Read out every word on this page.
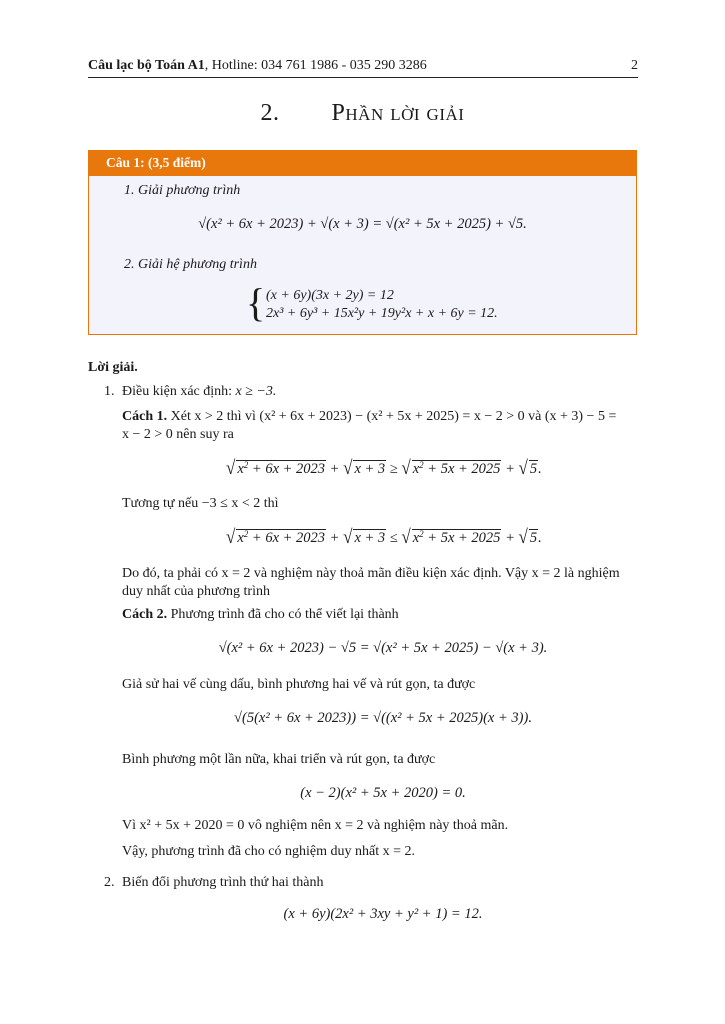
Câu lạc bộ Toán A1, Hotline: 034 761 1986 - 035 290 3286	2
2. Phần lời giải
Câu 1: (3,5 điểm)
1. Giải phương trình
√(x² + 6x + 2023) + √(x + 3) = √(x² + 5x + 2025) + √5.
2. Giải hệ phương trình
{ (x + 6y)(3x + 2y) = 12
2x³ + 6y³ + 15x²y + 19y²x + x + 6y = 12.
Lời giải.
1. Điều kiện xác định: x ≥ −3.
Cách 1. Xét x > 2 thì vì (x² + 6x + 2023) − (x² + 5x + 2025) = x − 2 > 0 và (x + 3) − 5 =
x − 2 > 0 nên suy ra
√ $x^2 + 6x + 2023$ + √ x + 3 ≥ √ $x^2 + 5x + 2025$ + √ 5.
Tương tự nếu −3 ≤ x < 2 thì
√ $x^2 + 6x + 2023$ + √ x + 3 ≤ √ $x^2 + 5x + 2025$ + √ 5.
Do đó, ta phải có x = 2 và nghiệm này thoả mãn điều kiện xác định. Vậy x = 2 là nghiệm
duy nhất của phương trình
Cách 2. Phương trình đã cho có thể viết lại thành
√(x² + 6x + 2023) − √5 = √(x² + 5x + 2025) − √(x + 3).
Giả sử hai vế cùng dấu, bình phương hai vế và rút gọn, ta được
√(5(x² + 6x + 2023)) = √((x² + 5x + 2025)(x + 3)).
Bình phương một lần nữa, khai triển và rút gọn, ta được
(x − 2)(x² + 5x + 2020) = 0.
Vì x² + 5x + 2020 = 0 vô nghiệm nên x = 2 và nghiệm này thoả mãn.
Vậy, phương trình đã cho có nghiệm duy nhất x = 2.
2. Biến đổi phương trình thứ hai thành
(x + 6y)(2x² + 3xy + y² + 1) = 12.
